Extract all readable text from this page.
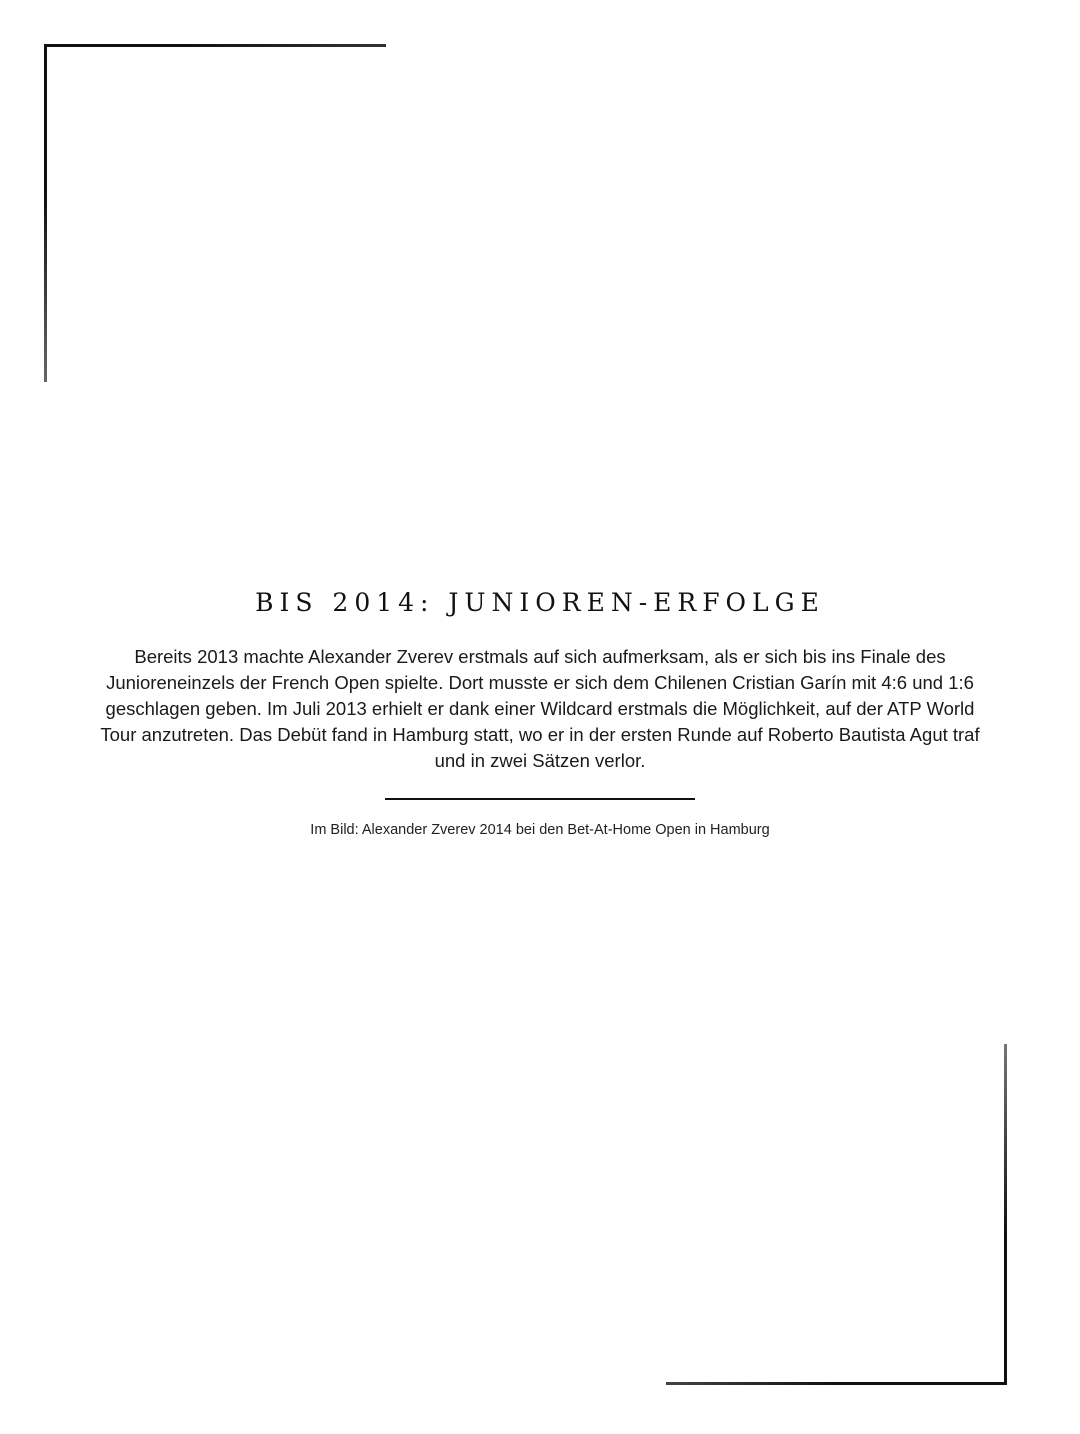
BIS 2014: JUNIOREN-ERFOLGE

Bereits 2013 machte Alexander Zverev erstmals auf sich aufmerksam, als er sich bis ins Finale des Junioreneinzels der French Open spielte. Dort musste er sich dem Chilenen Cristian Garín mit 4:6 und 1:6 geschlagen geben. Im Juli 2013 erhielt er dank einer Wildcard erstmals die Möglichkeit, auf der ATP World Tour anzutreten. Das Debüt fand in Hamburg statt, wo er in der ersten Runde auf Roberto Bautista Agut traf und in zwei Sätzen verlor.

Im Bild: Alexander Zverev 2014 bei den Bet-At-Home Open in Hamburg
